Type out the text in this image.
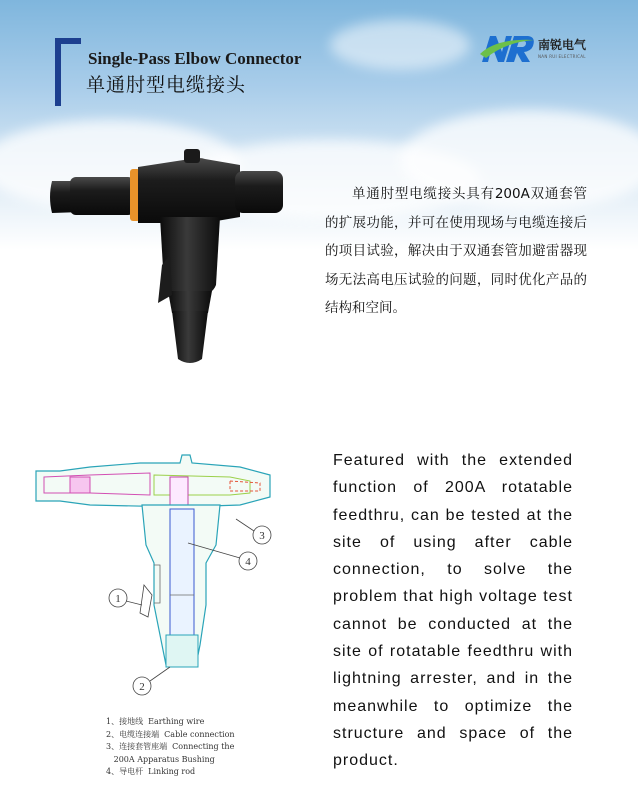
Single-Pass Elbow Connector
单通肘型电缆接头
南锐电气
NAN RUI ELECTRICAL
单通肘型电缆接头具有200A双通套管的扩展功能，并可在使用现场与电缆连接后的项目试验，解决由于双通套管加避雷器现场无法高电压试验的问题，同时优化产品的结构和空间。
1
2
3
4
1、接地线  Earthing wire
2、电缆连接端  Cable connection
3、连接套管座端  Connecting the
200A Apparatus Bushing
4、导电杆  Linking rod
Featured with the extended function of 200A rotatable feedthru, can be tested at the site of using after cable connection, to solve the problem that high voltage test cannot be conducted at the site of rotatable feedthru with lightning arrester, and in the meanwhile to optimize the structure and space of the product.
